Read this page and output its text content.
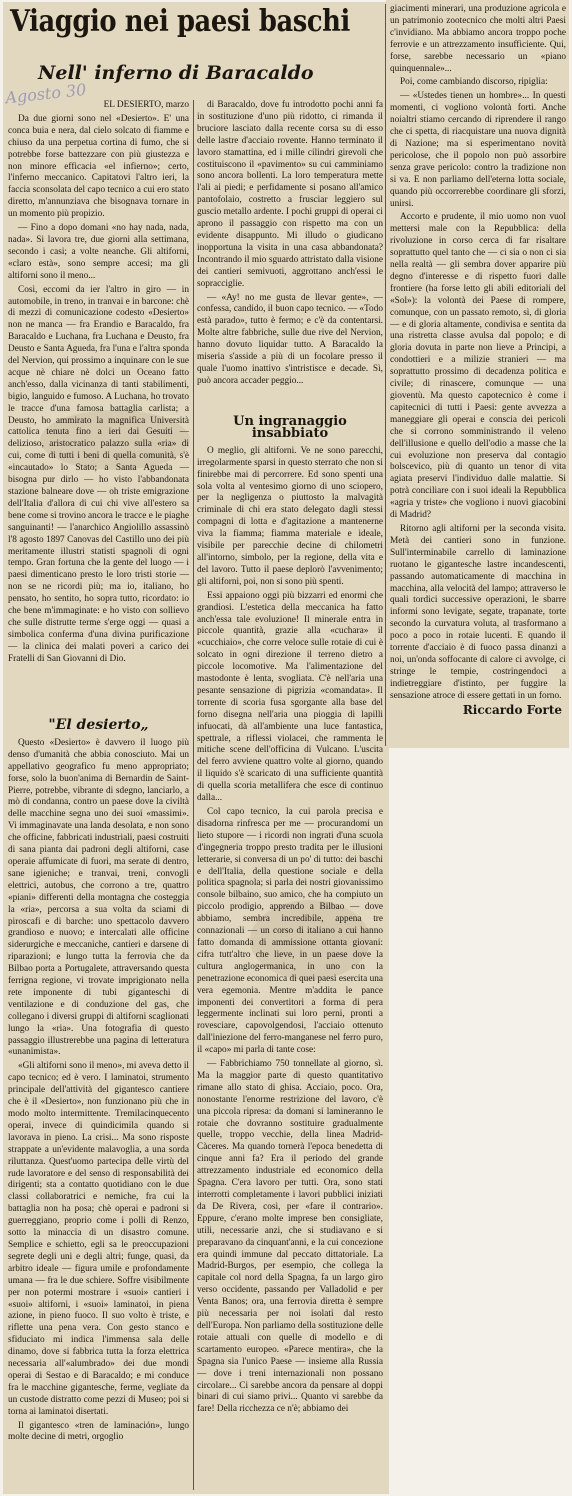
Viaggio nei paesi baschi
Nell' inferno di Baracaldo
Agosto 30	EL DESIERTO, marzo

Da due giorni sono nel «Desierto». E' una conca buia e nera, dal cielo solcato di fiamme e chiuso da una perpetua cortina di fumo, che si potrebbe forse battezzare con più giustezza e non minore efficacia «el infierno»; certo, l'inferno meccanico. Capitatovi l'altro ieri, la faccia sconsolata del capo tecnico a cui ero stato diretto, m'annunziava che bisognava tornare in un momento più propizio.

— Fino a dopo domani «no hay nada, nada, nada». Si lavora tre, due giorni alla settimana, secondo i casi; a volte neanche. Gli altiforni, «claro està», sono sempre accesi; ma gli altiforni sono il meno...

Così, eccomi da ier l'altro in giro — in automobile, in treno, in tranvai e in barcone: chè di mezzi di comunicazione codesto «Desierto» non ne manca — fra Erandio e Baracaldo, fra Baracaldo e Luchana, fra Luchana e Deusto, fra Deusto e Santa Agueda, fra l'una e l'altra sponda del Nervion, qui prossimo a inquinare con le sue acque nè chiare nè dolci un Oceano fatto anch'esso, dalla vicinanza di tanti stabilimenti, bigio, languido e fumoso. A Luchana, ho trovato le tracce d'una famosa battaglia carlista; a Deusto, ho ammirato la magnifica Università cattolica tenuta fino a ieri dai Gesuiti — delizioso, aristocratico palazzo sulla «ria» di cui, come di tutti i beni di quella comunità, s'è «incautado» lo Stato; a Santa Agueda — bisogna pur dirlo — ho visto l'abbandonata stazione balneare dove — oh triste emigrazione dell'Italia d'allora di cui chi vive all'estero sa bene come si trovino ancora le tracce e le piaghe sanguinanti! — l'anarchico Angiolillo assassinò l'8 agosto 1897 Canovas del Castillo uno dei più meritamente illustri statisti spagnoli di ogni tempo. Gran fortuna che la gente del luogo — i paesi dimenticano presto le loro tristi storie — non se ne ricordi più; ma io, italiano, ho pensato, ho sentito, ho sopra tutto, ricordato: io che bene m'immaginate: e ho visto con sollievo che sulle distrutte terme s'erge oggi — quasi a simbolica conferma d'una divina purificazione — la clinica dei malati poveri a carico dei Fratelli di San Giovanni di Dio.

"El desierto„

Questo «Desierto» è davvero il luogo più denso d'umanità che abbia conosciuto. Mai un appellativo geografico fu meno appropriato; forse, solo la buon'anima di Bernardin de Saint-Pierre, potrebbe, vibrante di sdegno, lanciarlo, a mò di condanna, contro un paese dove la civiltà delle macchine segna uno dei suoi «massimi». Vi immaginavate una landa desolata, e non sono che officine, fabbricati industriali, paesi costruiti di sana pianta dai padroni degli altiforni, case operaie affumicate di fuori, ma serate di dentro, sane igieniche; e tranvai, treni, convogli elettrici, autobus, che corrono a tre, quattro «piani» differenti della montagna che costeggia la «ria», percorsa a sua volta da sciami di piroscafi e di barche: uno spettacolo davvero grandioso e nuovo; e intercalati alle officine siderurgiche e meccaniche, cantieri e darsene di riparazioni; e lungo tutta la ferrovia che da Bilbao porta a Portugalete, attraversando questa ferrigna regione, vi trovate imprigionato nella rete imponente di tubi giganteschi di ventilazione e di conduzione del gas, che collegano i diversi gruppi di altiforni scaglionati lungo la «ria». Una fotografia di questo passaggio illustrerebbe una pagina di letteratura «unanimista».

«Gli altiforni sono il meno», mi aveva detto il capo tecnico; ed è vero. I laminatoi, strumento principale dell'attività del gigantesco cantiere che è il «Desierto», non funzionano più che in modo molto intermittente. Tremilacinquecento operai, invece di quindicimila quando si lavorava in pieno. La crisi... Ma sono risposte strappate a un'evidente malavoglia, a una sorda riluttanza. Quest'uomo partecipa delle virtù del rude lavoratore e del senso di responsabilità dei dirigenti; sta a contatto quotidiano con le due classi collaboratrici e nemiche, fra cui la battaglia non ha posa; chè operai e padroni si guerreggiano, proprio come i polli di Renzo, sotto la minaccia di un disastro comune. Semplice e schietto, egli sa le preoccupazioni segrete degli uni e degli altri; funge, quasi, da arbitro ideale — figura umile e profondamente umana — fra le due schiere. Soffre visibilmente per non potermi mostrare i «suoi» cantieri i «suoi» altiforni, i «suoi» laminatoi, in piena azione, in pieno fuoco. Il suo volto è triste, e riflette una pena vera. Con gesto stanco e sfiduciato mi indica l'immensa sala delle dinamo, dove si fabbrica tutta la forza elettrica necessaria all'«alumbrado» dei due mondi operai di Sestao e di Baracaldo; e mi conduce fra le macchine gigantesche, ferme, vegliate da un custode distratto come pezzi di Museo; poi si torna ai laminatoi disertati.

Il gigantesco «tren de laminación», lungo molte decine di metri, orgoglio

di Baracaldo, dove fu introdotto pochi anni fa in sostituzione d'uno più ridotto, ci rimanda il bruciore lasciato dalla recente corsa su di esso delle lastre d'acciaio rovente. Hanno terminato il lavoro stamattina, ed i mille cilindri girevoli che costituiscono il «pavimento» su cui camminiamo sono ancora bollenti. La loro temperatura mette l'ali ai piedi; e perfidamente si posano all'amico pantofolaio, costretto a frusciar leggiero sul guscio metallo ardente. I pochi gruppi di operai ci aprono il passaggio con rispetto ma con un evidente disappunto. Mi illudo o giudicano inopportuna la visita in una casa abbandonata? Incontrando il mio sguardo attristato dalla visione dei cantieri semivuoti, aggrottano anch'essi le sopracciglie.

— «Ay! no me gusta de llevar gente», — confessa, candido, il buon capo tecnico. — «Todo està parado», tutto è fermo; e c'è da contentarsi. Molte altre fabbriche, sulle due rive del Nervion, hanno dovuto liquidar tutto. A Baracaldo la miseria s'asside a più di un focolare presso il quale l'uomo inattivo s'intristisce e decade. Sì, può ancora accader peggio...

Un ingranaggio insabbiato

O meglio, gli altiforni. Ve ne sono parecchi, irregolarmente sparsi in questo sterrato che non si finirebbe mai di percorrere. Ed sono spenti una sola volta al ventesimo giorno di uno sciopero, per la negligenza o piuttosto la malvagità criminale di chi era stato delegato dagli stessi compagni di lotta e d'agitazione a mantenerne viva la fiamma; fiamma materiale e ideale, visibile per parecchie decine di chilometri all'intorno, simbolo, per la regione, della vita e del lavoro. Tutto il paese deplorò l'avvenimento; gli altiforni, poi, non si sono più spenti.

Essi appaiono oggi più bizzarri ed enormi che grandiosi. L'estetica della meccanica ha fatto anch'essa tale evoluzione! Il minerale entra in piccole quantità, grazie alla «cuchara» il «cucchiaio», che corre veloce sulle rotaie di cui è solcato in ogni direzione il terreno dietro a piccole locomotive. Ma l'alimentazione del mastodonte è lenta, svogliata. C'è nell'aria una pesante sensazione di pigrizia «comandata». Il torrente di scoria fusa sgorgante alla base del forno disegna nell'aria una pioggia di lapilli infuocati, dà all'ambiente una luce fantastica, spettrale, a riflessi violacei, che rammenta le mitiche scene dell'officina di Vulcano. L'uscita del ferro avviene quattro volte al giorno, quando il liquido s'è scaricato di una sufficiente quantità di quella scoria metallifera che esce di continuo dalla...

Col capo tecnico, la cui parola precisa e disadorna rinfresca per me — procurandomi un lieto stupore — i ricordi non ingrati d'una scuola d'ingegneria troppo presto tradita per le illusioni letterarie, si conversa di un po' di tutto: dei baschi e dell'Italia, della questione sociale e della politica spagnola; si parla dei nostri giovanissimo console bilbaino, suo amico, che ha compiuto un piccolo prodigio, apprendo a Bilbao — dove abbiamo, sembra incredibile, appena tre connazionali — un corso di italiano a cui hanno fatto domanda di ammissione ottanta giovani: cifra tutt'altro che lieve, in un paese dove la cultura anglogermanica, in uno con la penetrazione economica di quei paesi esercita una vera egemonia. Mentre m'addita le pance imponenti dei convertitori a forma di pera leggermente inclinati sui loro perni, pronti a rovesciare, capovolgendosi, l'acciaio ottenuto dall'iniezione del ferro-manganese nel ferro puro, il «capo» mi parla di tante cose:

— Fabbrichiamo 750 tonnellate al giorno, sì. Ma la maggior parte di questo quantitativo rimane allo stato di ghisa. Acciaio, poco. Ora, nonostante l'enorme restrizione del lavoro, c'è una piccola ripresa: da domani si lamineranno le rotaie che dovranno sostituire gradualmente quelle, troppo vecchie, della linea Madrid-Càceres. Ma quando tornerà l'epoca benedetta di cinque anni fa? Era il periodo del grande attrezzamento industriale ed economico della Spagna. C'era lavoro per tutti. Ora, sono stati interrotti completamente i lavori pubblici iniziati da De Rivera, così, per «fare il contrario». Eppure, c'erano molte imprese ben consigliate, utili, necessarie anzi, che si studiavano e si preparavano da cinquant'anni, e la cui concezione era quindi immune dal peccato dittatoriale. La Madrid-Burgos, per esempio, che collega la capitale col nord della Spagna, fa un largo giro verso occidente, passando per Valladolid e per Venta Banos; ora, una ferrovia diretta è sempre più necessaria per noi isolati dal resto dell'Europa. Non parliamo della sostituzione delle rotaie attuali con quelle di modello e di scartamento europeo. «Parece mentira», che la Spagna sia l'unico Paese — insieme alla Russia — dove i treni internazionali non possano circolare... Ci sarebbe ancora da pensare al doppi binari di cui siamo privi... Quanto vi sarebbe da fare! Della ricchezza ce n'è; abbiamo dei

giacimenti minerari, una produzione agricola e un patrimonio zootecnico che molti altri Paesi c'invidiano. Ma abbiamo ancora troppo poche ferrovie e un attrezzamento insufficiente. Qui, forse, sarebbe necessario un «piano quinquennale»...

Poi, come cambiando discorso, ripiglia:

— «Ustedes tienen un hombre»... In questi momenti, ci vogliono volontà forti. Anche noialtri stiamo cercando di riprendere il rango che ci spetta, di riacquistare una nuova dignità di Nazione; ma si esperimentano novità pericolose, che il popolo non può assorbire senza grave pericolo: contro la tradizione non si va. E non parliamo dell'eterna lotta sociale, quando più occorrerebbe coordinare gli sforzi, unirsi.

Accorto e prudente, il mio uomo non vuol mettersi male con la Repubblica: della rivoluzione in corso cerca di far risaltare soprattutto quel tanto che — ci sia o non ci sia nella realtà — gli sembra dover apparire più degno d'interesse e di rispetto fuori dalle frontiere (ha forse letto gli abili editoriali del «Sol»): la volontà dei Paese di rompere, comunque, con un passato remoto, sì, di gloria — e di gloria altamente, condivisa e sentita da una ristretta classe avulsa dal popolo; e di gloria dovuta in parte non lieve a Principi, a condottieri e a milizie stranieri — ma soprattutto prossimo di decadenza politica e civile; di rinascere, comunque — una gioventù. Ma questo capotecnico è come i capitecnici di tutti i Paesi: gente avvezza a maneggiare gli operai e conscia dei pericoli che si corrono somministrando il veleno dell'illusione e quello dell'odio a masse che la cui evoluzione non preserva dal contagio bolscevico, più di quanto un tenor di vita agiata preservi l'individuo dalle malattie. Si potrà conciliare con i suoi ideali la Repubblica «agria y triste» che vogliono i nuovi giacobini di Madrid?

Ritorno agli altiforni per la seconda visita. Metà dei cantieri sono in funzione. Sull'interminabile carrello di laminazione ruotano le gigantesche lastre incandescenti, passando automaticamente di macchina in macchina, alla velocità del lampo; attraverso le quali tordici successive operazioni, le sbarre informi sono levigate, segate, trapanate, torte secondo la curvatura voluta, al trasformano a poco a poco in rotaie lucenti. E quando il torrente d'acciaio è di fuoco passa dinanzi a noi, un'onda soffocante di calore ci avvolge, ci stringe le tempie, costringendoci a indietreggiare d'istinto, per fuggire la sensazione atroce di essere gettati in un forno.

Riccardo Forte
